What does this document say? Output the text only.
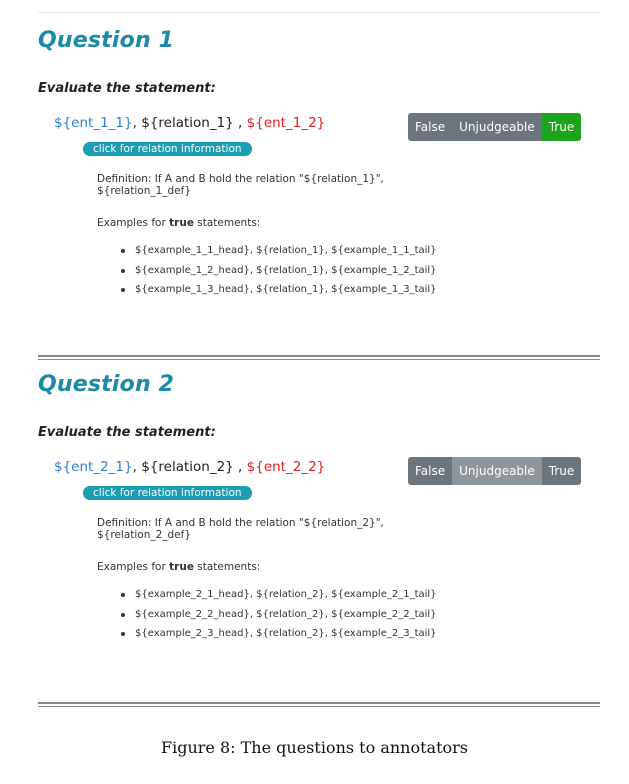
Question 1
Evaluate the statement:
${ent_1_1}, ${relation_1} , ${ent_1_2}	False	Unjudgeable	True
click for relation information
Definition: If A and B hold the relation "${relation_1}", ${relation_1_def}
Examples for true statements:
${example_1_1_head}, ${relation_1}, ${example_1_1_tail}
${example_1_2_head}, ${relation_1}, ${example_1_2_tail}
${example_1_3_head}, ${relation_1}, ${example_1_3_tail}
Question 2
Evaluate the statement:
${ent_2_1}, ${relation_2} , ${ent_2_2}	False	Unjudgeable	True
click for relation information
Definition: If A and B hold the relation "${relation_2}", ${relation_2_def}
Examples for true statements:
${example_2_1_head}, ${relation_2}, ${example_2_1_tail}
${example_2_2_head}, ${relation_2}, ${example_2_2_tail}
${example_2_3_head}, ${relation_2}, ${example_2_3_tail}
Figure 8: The questions to annotators
